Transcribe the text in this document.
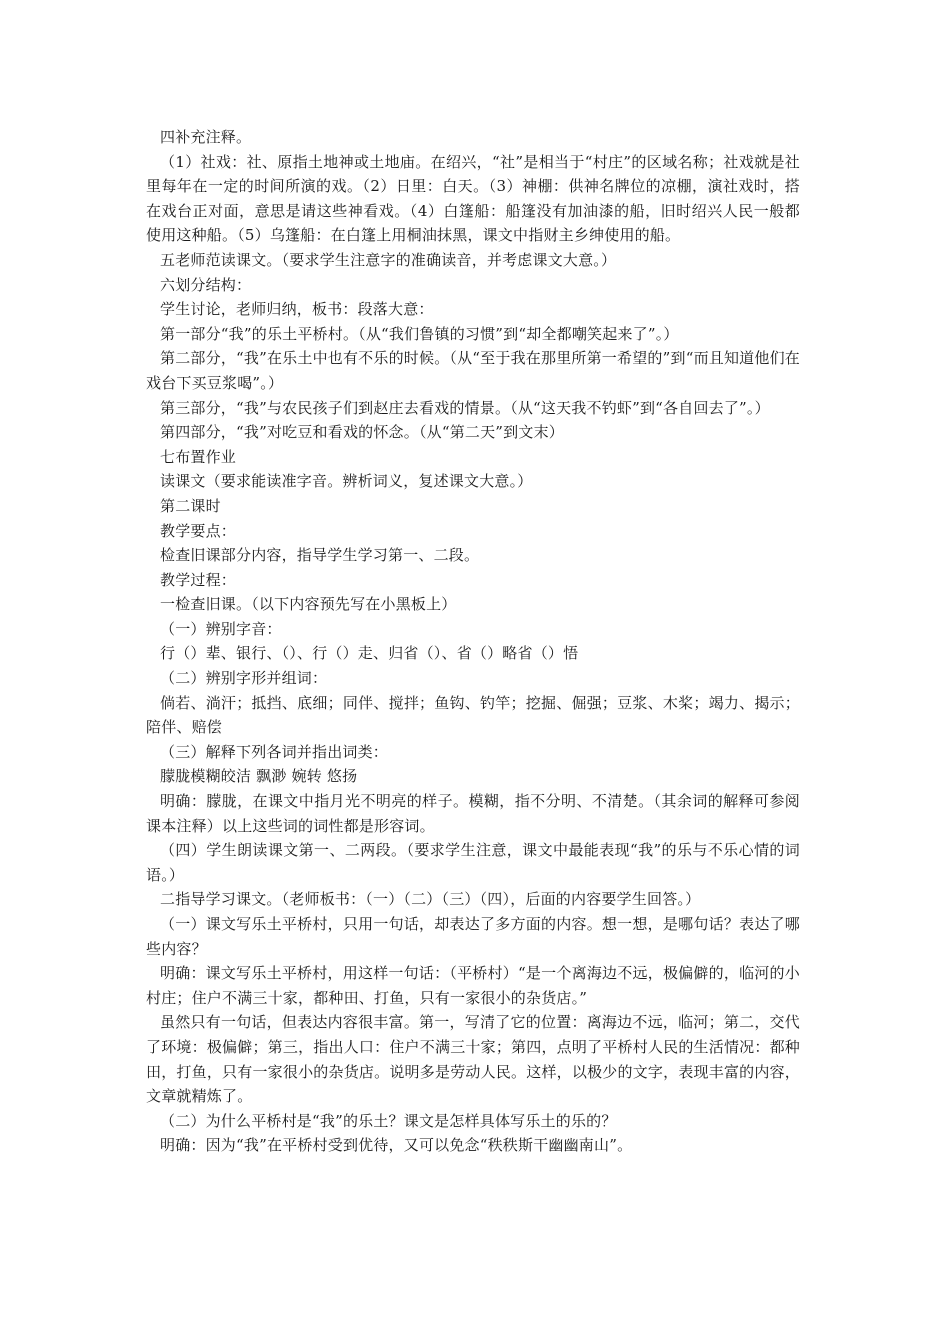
四补充注释。

（1）社戏：社、原指土地神或土地庙。在绍兴，“社”是相当于“村庄”的区域名称；社戏就是社里每年在一定的时间所演的戏。（2）日里：白天。（3）神棚：供神名牌位的凉棚，演社戏时，搭在戏台正对面，意思是请这些神看戏。（4）白篷船：船篷没有加油漆的船，旧时绍兴人民一般都使用这种船。（5）乌篷船：在白篷上用桐油抹黑，课文中指财主乡绅使用的船。

五老师范读课文。（要求学生注意字的准确读音，并考虑课文大意。）

六划分结构：

学生讨论，老师归纳，板书：段落大意：

第一部分“我”的乐土平桥村。（从“我们鲁镇的习惯”到“却全都嘲笑起来了”。）

第二部分，“我”在乐土中也有不乐的时候。（从“至于我在那里所第一希望的”到“而且知道他们在戏台下买豆浆喝”。）

第三部分，“我”与农民孩子们到赵庄去看戏的情景。（从“这天我不钓虾”到“各自回去了”。）

第四部分，“我”对吃豆和看戏的怀念。（从“第二天”到文末）

七布置作业

读课文（要求能读准字音。辨析词义，复述课文大意。）

第二课时

教学要点：

检查旧课部分内容，指导学生学习第一、二段。

教学过程：

一检查旧课。（以下内容预先写在小黑板上）

（一）辨别字音：

行（）辈、银行、（）、行（）走、归省（）、省（）略省（）悟

（二）辨别字形并组词：

倘若、淌汗；抵挡、底细；同伴、搅拌；鱼钩、钓竿；挖掘、倔强；豆浆、木桨；竭力、揭示；陪伴、赔偿

（三）解释下列各词并指出词类：

朦胧模糊皎洁 飘渺 婉转 悠扬

明确：朦胧，在课文中指月光不明亮的样子。模糊，指不分明、不清楚。（其余词的解释可参阅课本注释）以上这些词的词性都是形容词。

（四）学生朗读课文第一、二两段。（要求学生注意，课文中最能表现“我”的乐与不乐心情的词语。）

二指导学习课文。（老师板书：（一）（二）（三）（四），后面的内容要学生回答。）

（一）课文写乐土平桥村，只用一句话，却表达了多方面的内容。想一想，是哪句话？表达了哪些内容？

明确：课文写乐土平桥村，用这样一句话：（平桥村）“是一个离海边不远，极偏僻的，临河的小村庄；住户不满三十家，都种田、打鱼，只有一家很小的杂货店。”

虽然只有一句话，但表达内容很丰富。第一，写清了它的位置：离海边不远，临河；第二，交代了环境：极偏僻；第三，指出人口：住户不满三十家；第四，点明了平桥村人民的生活情况：都种田，打鱼，只有一家很小的杂货店。说明多是劳动人民。这样，以极少的文字，表现丰富的内容，文章就精炼了。

（二）为什么平桥村是“我”的乐土？课文是怎样具体写乐土的乐的？

明确：因为“我”在平桥村受到优待，又可以免念“秩秩斯干幽幽南山”。
